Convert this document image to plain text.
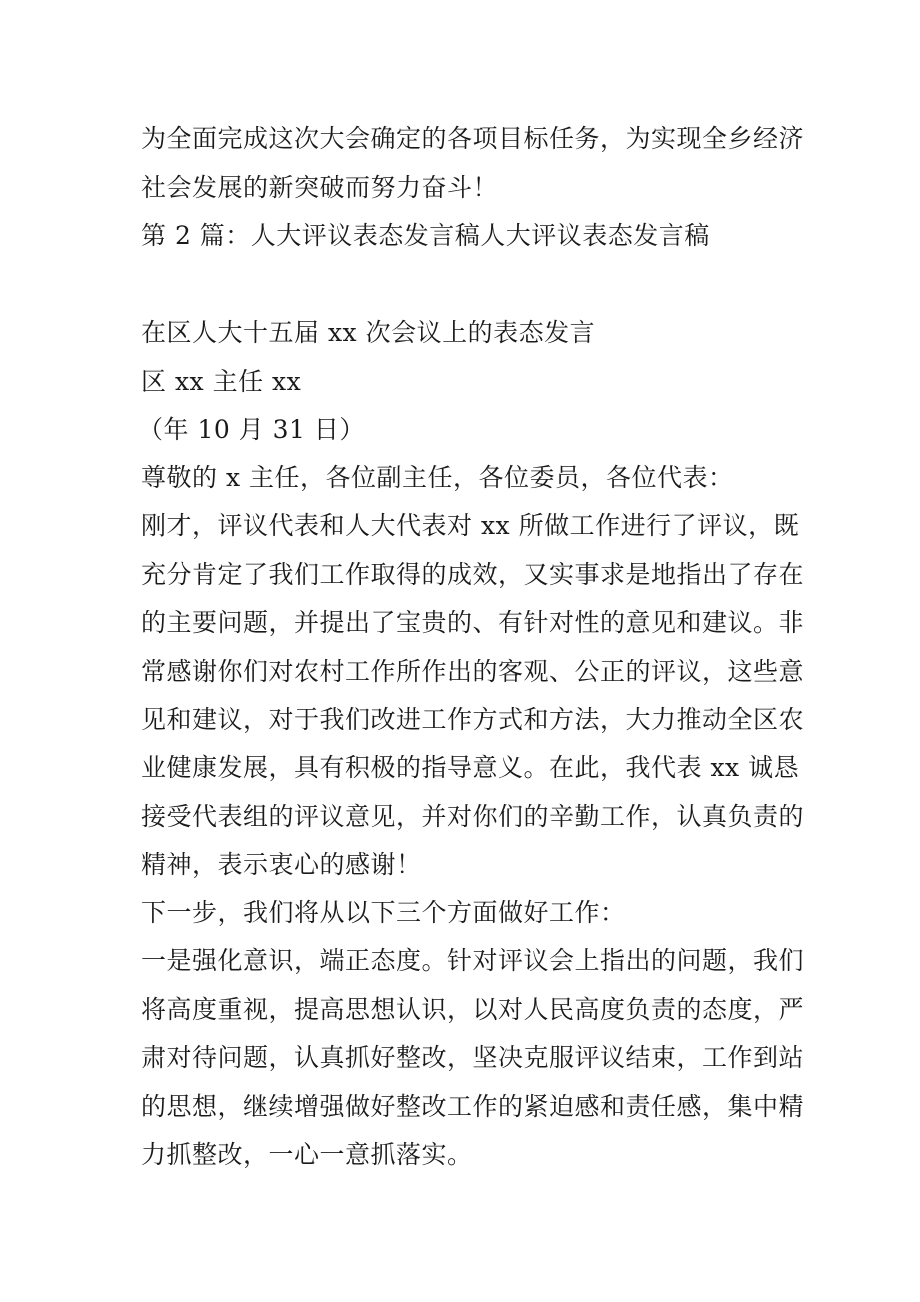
为全面完成这次大会确定的各项目标任务，为实现全乡经济
社会发展的新突破而努力奋斗！
第 2 篇：人大评议表态发言稿人大评议表态发言稿
在区人大十五届 xx 次会议上的表态发言
区 xx 主任 xx
（年 10 月 31 日）
尊敬的 x 主任，各位副主任，各位委员，各位代表：
刚才，评议代表和人大代表对 xx 所做工作进行了评议，既
充分肯定了我们工作取得的成效，又实事求是地指出了存在
的主要问题，并提出了宝贵的、有针对性的意见和建议。非
常感谢你们对农村工作所作出的客观、公正的评议，这些意
见和建议，对于我们改进工作方式和方法，大力推动全区农
业健康发展，具有积极的指导意义。在此，我代表 xx 诚恳
接受代表组的评议意见，并对你们的辛勤工作，认真负责的
精神，表示衷心的感谢！
下一步，我们将从以下三个方面做好工作：
一是强化意识，端正态度。针对评议会上指出的问题，我们
将高度重视，提高思想认识，以对人民高度负责的态度，严
肃对待问题，认真抓好整改，坚决克服评议结束，工作到站
的思想，继续增强做好整改工作的紧迫感和责任感，集中精
力抓整改，一心一意抓落实。
